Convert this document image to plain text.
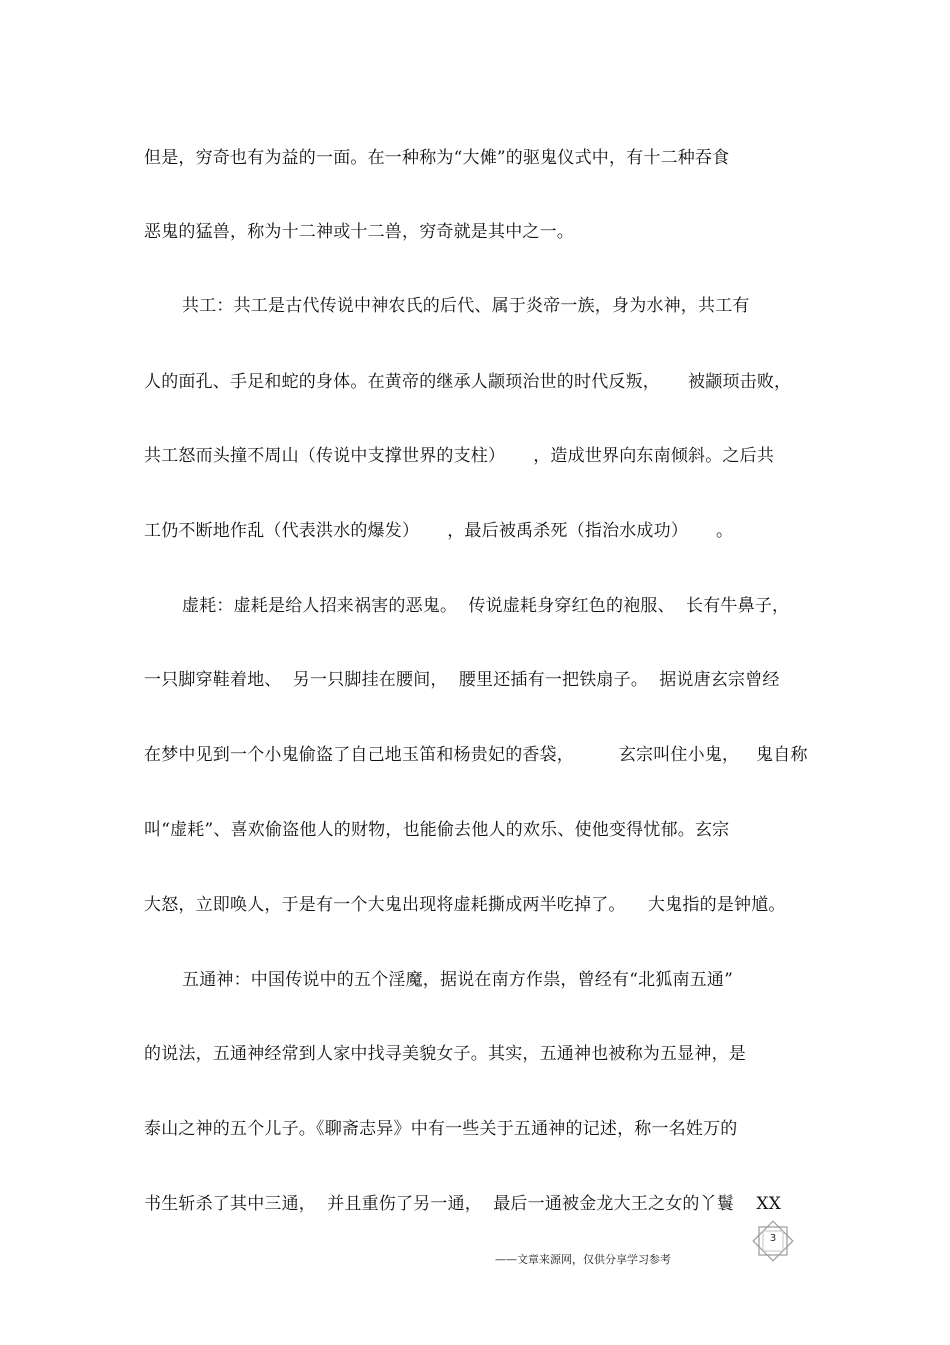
但是，穷奇也有为益的一面。在一种称为“大傩”的驱鬼仪式中，有十二种吞食
恶鬼的猛兽，称为十二神或十二兽，穷奇就是其中之一。
共工：共工是古代传说中神农氏的后代、属于炎帝一族，身为水神，共工有
人的面孔、手足和蛇的身体。在黄帝的继承人颛顼治世的时代反叛，     被颛顼击败，
共工怒而头撞不周山（传说中支撑世界的支柱）     ，造成世界向东南倾斜。之后共
工仍不断地作乱（代表洪水的爆发）     ，最后被禹杀死（指治水成功）     。
虚耗：虚耗是给人招来祸害的恶鬼。  传说虚耗身穿红色的袍服、  长有牛鼻子，
一只脚穿鞋着地、  另一只脚挂在腰间，  腰里还插有一把铁扇子。  据说唐玄宗曾经
在梦中见到一个小鬼偷盗了自己地玉笛和杨贵妃的香袋，        玄宗叫住小鬼，   鬼自称
叫“虚耗”、喜欢偷盗他人的财物，也能偷去他人的欢乐、使他变得忧郁。玄宗
大怒，立即唤人，于是有一个大鬼出现将虚耗撕成两半吃掉了。    大鬼指的是钟馗。
五通神：中国传说中的五个淫魔，据说在南方作祟，曾经有“北狐南五通”
的说法，五通神经常到人家中找寻美貌女子。其实，五通神也被称为五显神，是
泰山之神的五个儿子。《聊斋志异》中有一些关于五通神的记述，称一名姓万的
书生斩杀了其中三通，  并且重伤了另一通，  最后一通被金龙大王之女的丫鬟    XX
3
——文章来源网，仅供分享学习参考
